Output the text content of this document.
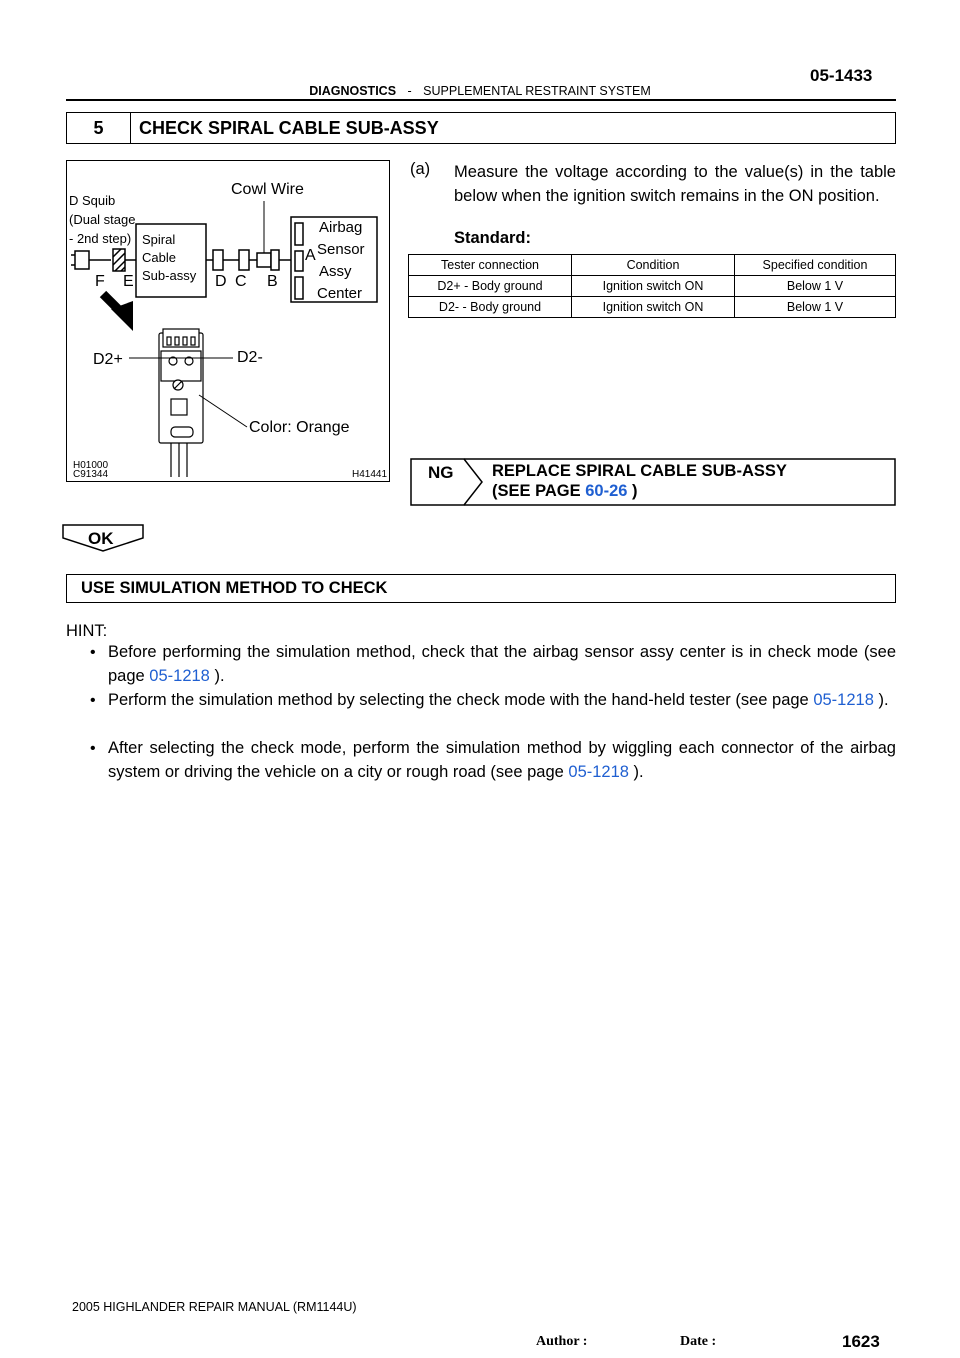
05-1433
DIAGNOSTICS - SUPPLEMENTAL RESTRAINT SYSTEM
5	CHECK SPIRAL CABLE SUB-ASSY
D Squib
(Dual stage
- 2nd step) Spiral
Cable
Sub-assy
Cowl Wire
Airbag
Sensor
Assy
Center
A
B
C
D
E
F
D2+	D2-
Color: Orange
H01000
C91344	H41441
(a) Measure the voltage according to the value(s) in the table below when the ignition switch remains in the ON position.
Standard:
Tester connection	Condition	Specified condition
D2+ - Body ground	Ignition switch ON	Below 1 V
D2- - Body ground	Ignition switch ON	Below 1 V
NG REPLACE SPIRAL CABLE SUB-ASSY
(SEE PAGE 60-26 )
OK
USE SIMULATION METHOD TO CHECK
HINT:
• Before performing the simulation method, check that the airbag sensor assy center is in check mode (see page 05-1218 ).
• Perform the simulation method by selecting the check mode with the hand-held tester (see page 05-1218 ).
• After selecting the check mode, perform the simulation method by wiggling each connector of the airbag system or driving the vehicle on a city or rough road (see page 05-1218 ).
2005 HIGHLANDER REPAIR MANUAL (RM1144U)
Author :	Date :	1623
